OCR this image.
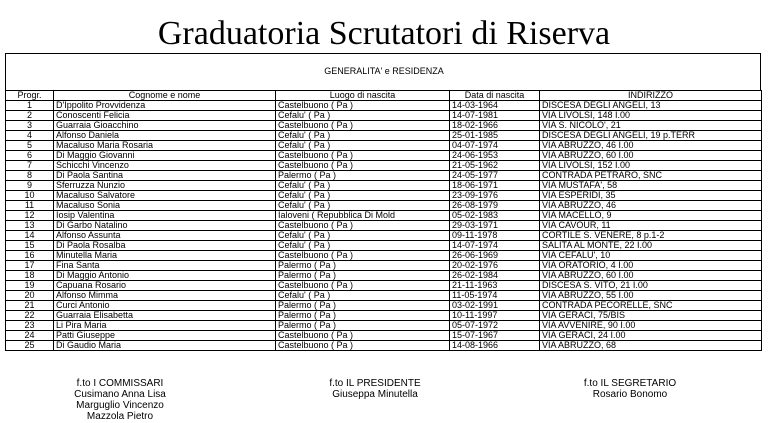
Graduatoria Scrutatori di Riserva
GENERALITA' e RESIDENZA
Progr.	Cognome e nome	Luogo di nascita	Data di nascita	INDIRIZZO
1	D'Ippolito Provvidenza	Castelbuono ( Pa )	14-03-1964	DISCESA DEGLI ANGELI, 13
2	Conoscenti Felicia	Cefalu' ( Pa )	14-07-1981	VIA LIVOLSI, 148 I.00
3	Guarraia Gioacchino	Castelbuono ( Pa )	18-02-1966	VIA S. NICOLO', 21
4	Alfonso Daniela	Cefalu' ( Pa )	25-01-1985	DISCESA DEGLI ANGELI, 19 p.TERR
5	Macaluso Maria Rosaria	Cefalu' ( Pa )	04-07-1974	VIA ABRUZZO, 46 I.00
6	Di Maggio Giovanni	Castelbuono ( Pa )	24-06-1953	VIA ABRUZZO, 60 I.00
7	Schicchi Vincenzo	Castelbuono ( Pa )	21-05-1962	VIA LIVOLSI, 152 I.00
8	Di Paola Santina	Palermo ( Pa )	24-05-1977	CONTRADA PETRARO, SNC
9	Sferruzza Nunzio	Cefalu' ( Pa )	18-06-1971	VIA MUSTAFA', 58
10	Macaluso Salvatore	Cefalu' ( Pa )	23-09-1976	VIA ESPERIDI, 35
11	Macaluso Sonia	Cefalu' ( Pa )	26-08-1979	VIA ABRUZZO, 46
12	Iosip Valentina	Ialoveni ( Repubblica Di Mold	05-02-1983	VIA MACELLO, 9
13	Di Garbo Natalino	Castelbuono ( Pa )	29-03-1971	VIA CAVOUR, 11
14	Alfonso Assunta	Cefalu' ( Pa )	09-11-1978	CORTILE S. VENERE, 8 p.1-2
15	Di Paola Rosalba	Cefalu' ( Pa )	14-07-1974	SALITA AL MONTE, 22 I.00
16	Minutella Maria	Castelbuono ( Pa )	26-06-1969	VIA CEFALU', 10
17	Fina Santa	Palermo ( Pa )	20-02-1976	VIA ORATORIO, 4 I.00
18	Di Maggio Antonio	Palermo ( Pa )	26-02-1984	VIA ABRUZZO, 60 I.00
19	Capuana Rosario	Castelbuono ( Pa )	21-11-1963	DISCESA S. VITO, 21 I.00
20	Alfonso Mimma	Cefalu' ( Pa )	11-05-1974	VIA ABRUZZO, 55 I.00
21	Curci Antonio	Palermo ( Pa )	03-02-1991	CONTRADA PECORELLE, SNC
22	Guarraia Elisabetta	Palermo ( Pa )	10-11-1997	VIA GERACI, 75/BIS
23	Li Pira Maria	Palermo ( Pa )	05-07-1972	VIA AVVENIRE, 90 I.00
24	Patti Giuseppe	Castelbuono ( Pa )	15-07-1967	VIA GERACI, 24 I.00
25	Di Gaudio Maria	Castelbuono ( Pa )	14-08-1966	VIA ABRUZZO, 68
f.to I COMMISSARI
Cusimano Anna Lisa
Marguglio Vincenzo
Mazzola Pietro
f.to IL PRESIDENTE
Giuseppa Minutella
f.to IL SEGRETARIO
Rosario Bonomo
